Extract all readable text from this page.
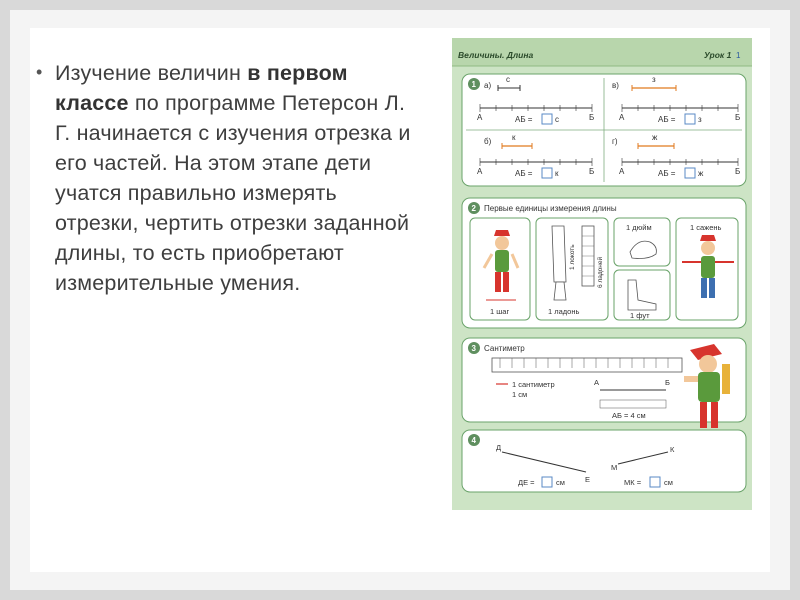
• Изучение величин в первом классе по программе Петерсон Л. Г. начинается с изучения отрезка и его частей. На этом этапе дети учатся правильно измерять отрезки, чертить отрезки заданной длины, то есть приобретают измерительные умения.
Величины. Длина	Урок 1 1
1 а)
с
А	Б
АБ =	с
в)
з
А	Б
АБ =	з
б)	к
А	Б
АБ =	к
г)	ж
А	Б
АБ =	ж
2 Первые единицы измерения длины
1 шаг
1 локоть	6 ладоней
1 ладонь
1 дюйм
1 фут
1 сажень
3 Сантиметр
1 сантиметр
1 см
А	Б
АБ = 4 см
4
Д
Е
М
К
ДЕ =	см	МК =	см
